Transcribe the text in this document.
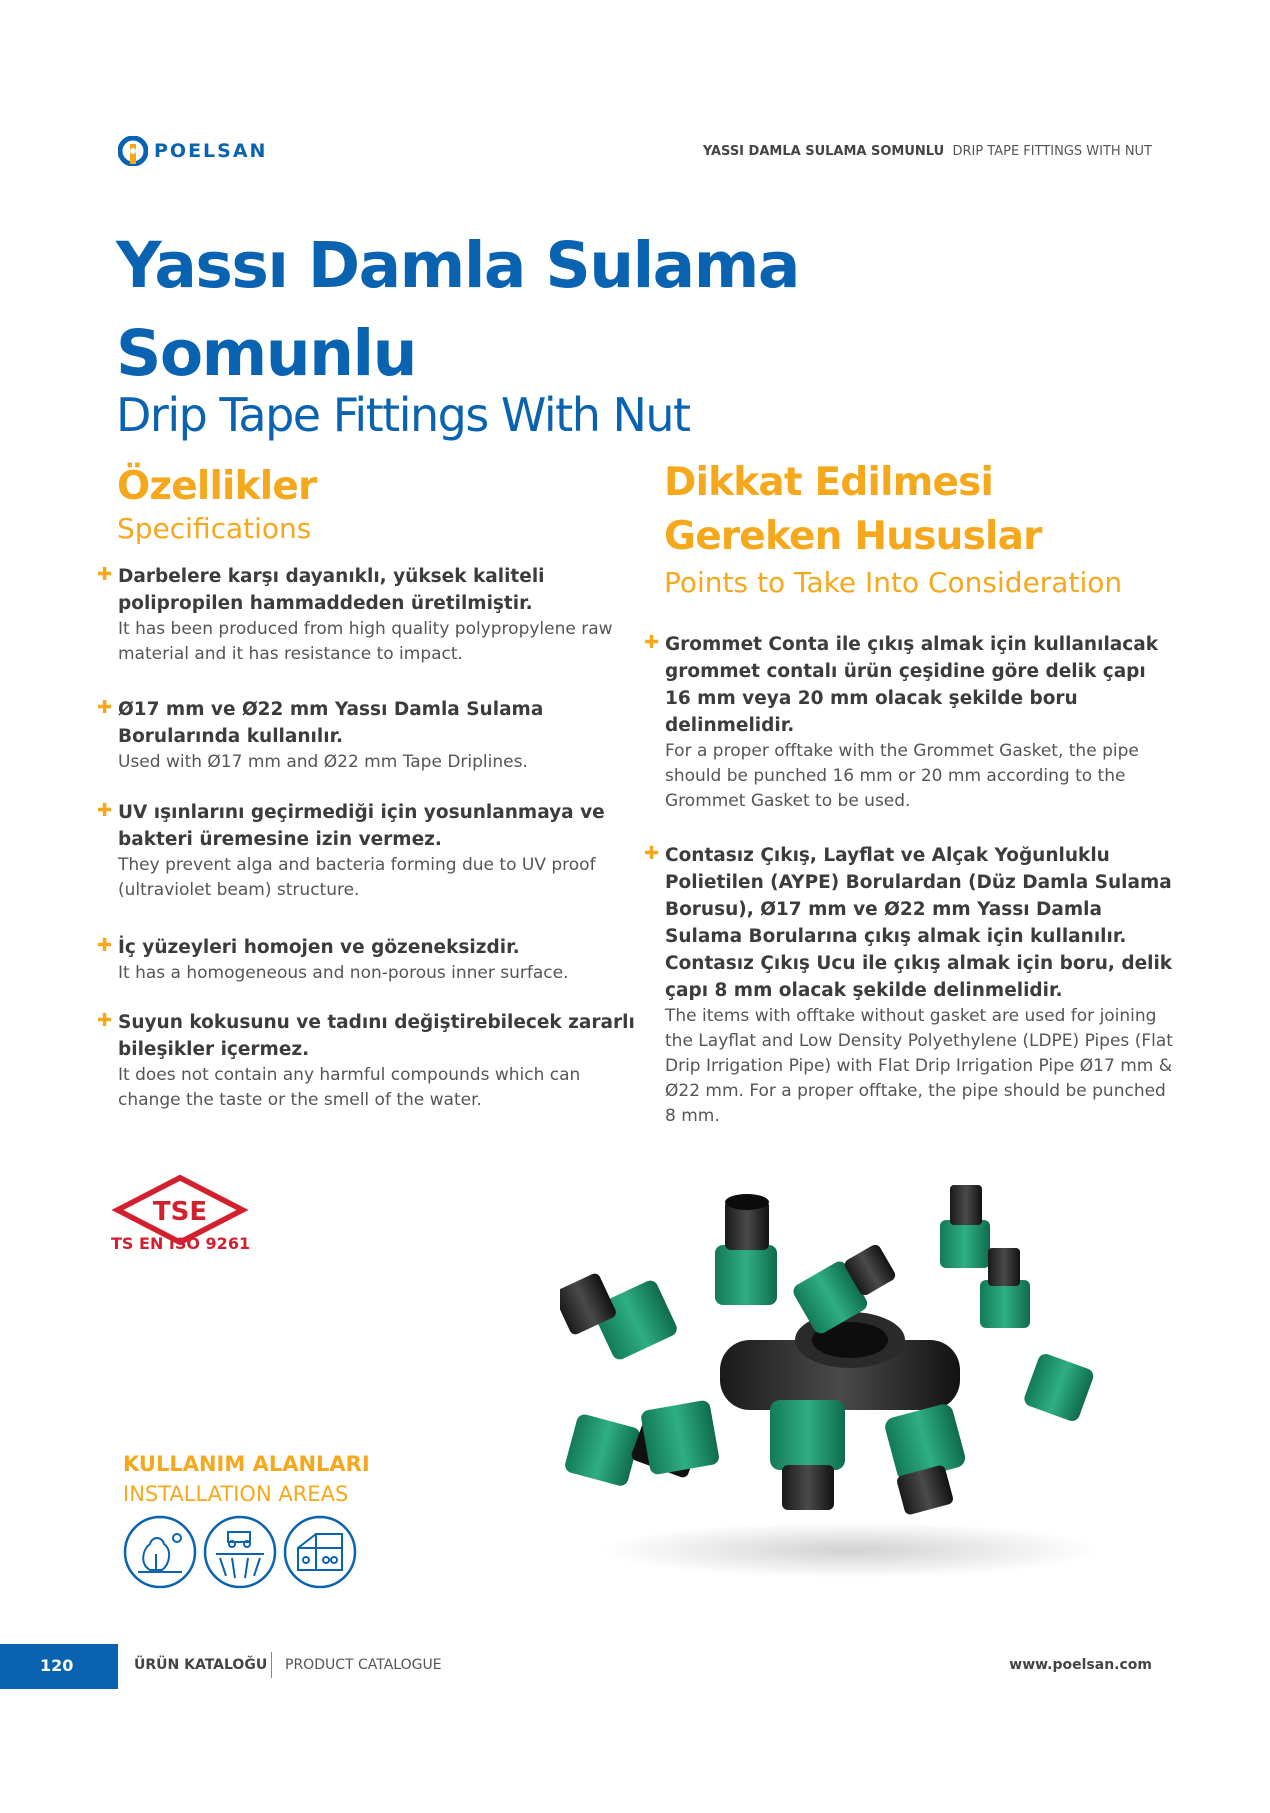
POELSAN	YASSI DAMLA SULAMA SOMUNLU DRIP TAPE FITTINGS WITH NUT
Yassı Damla Sulama Somunlu
Drip Tape Fittings With Nut
Özellikler
Specifications
Dikkat Edilmesi Gereken Hususlar
Points to Take Into Consideration
✚ Darbelere karşı dayanıklı, yüksek kaliteli polipropilen hammaddeden üretilmiştir.
It has been produced from high quality polypropylene raw material and it has resistance to impact.
✚ Ø17 mm ve Ø22 mm Yassı Damla Sulama Borularında kullanılır.
Used with Ø17 mm and Ø22 mm Tape Driplines.
✚ UV ışınlarını geçirmediği için yosunlanmaya ve bakteri üremesine izin vermez.
They prevent alga and bacteria forming due to UV proof (ultraviolet beam) structure.
✚ İç yüzeyleri homojen ve gözeneksizdir.
It has a homogeneous and non-porous inner surface.
✚ Suyun kokusunu ve tadını değiştirebilecek zararlı bileşikler içermez.
It does not contain any harmful compounds which can change the taste or the smell of the water.
✚ Grommet Conta ile çıkış almak için kullanılacak grommet contalı ürün çeşidine göre delik çapı 16 mm veya 20 mm olacak şekilde boru delinmelidir.
For a proper offtake with the Grommet Gasket, the pipe should be punched 16 mm or 20 mm according to the Grommet Gasket to be used.
✚ Contasız Çıkış, Layflat ve Alçak Yoğunluklu Polietilen (AYPE) Borulardan (Düz Damla Sulama Borusu), Ø17 mm ve Ø22 mm Yassı Damla Sulama Borularına çıkış almak için kullanılır. Contasız Çıkış Ucu ile çıkış almak için boru, delik çapı 8 mm olacak şekilde delinmelidir.
The items with offtake without gasket are used for joining the Layflat and Low Density Polyethylene (LDPE) Pipes (Flat Drip Irrigation Pipe) with Flat Drip Irrigation Pipe Ø17 mm & Ø22 mm. For a proper offtake, the pipe should be punched 8 mm.
TSE
TS EN ISO 9261
KULLANIM ALANLARI
INSTALLATION AREAS
120	ÜRÜN KATALOĞU PRODUCT CATALOGUE	www.poelsan.com
